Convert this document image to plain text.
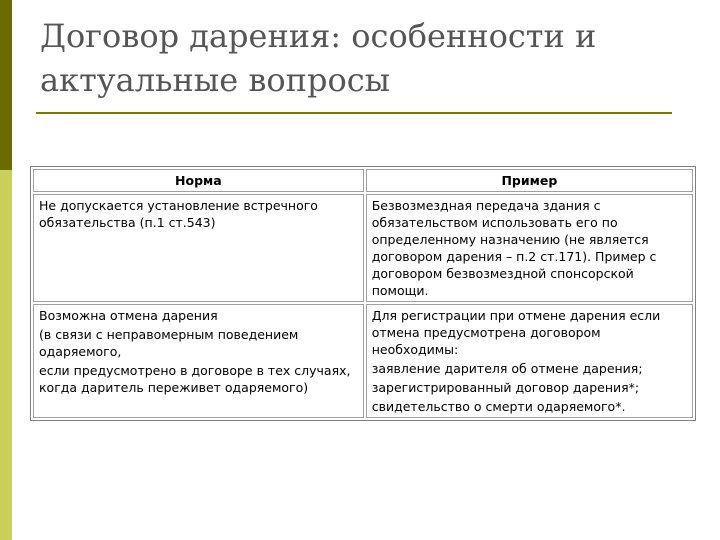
Договор дарения: особенности и
актуальные вопросы
Норма	Пример

Не допускается установление встречного обязательства (п.1 ст.543)	Безвозмездная передача здания с обязательством использовать его по определенному назначению (не является договором дарения – п.2 ст.171). Пример с договором безвозмездной спонсорской помощи.

Возможна отмена дарения
(в связи с неправомерным поведением одаряемого,
если предусмотрено в договоре в тех случаях, когда даритель переживет одаряемого)	Для регистрации при отмене дарения если отмена предусмотрена договором необходимы:
заявление дарителя об отмене дарения;
зарегистрированный договор дарения*;
свидетельство о смерти одаряемого*.
